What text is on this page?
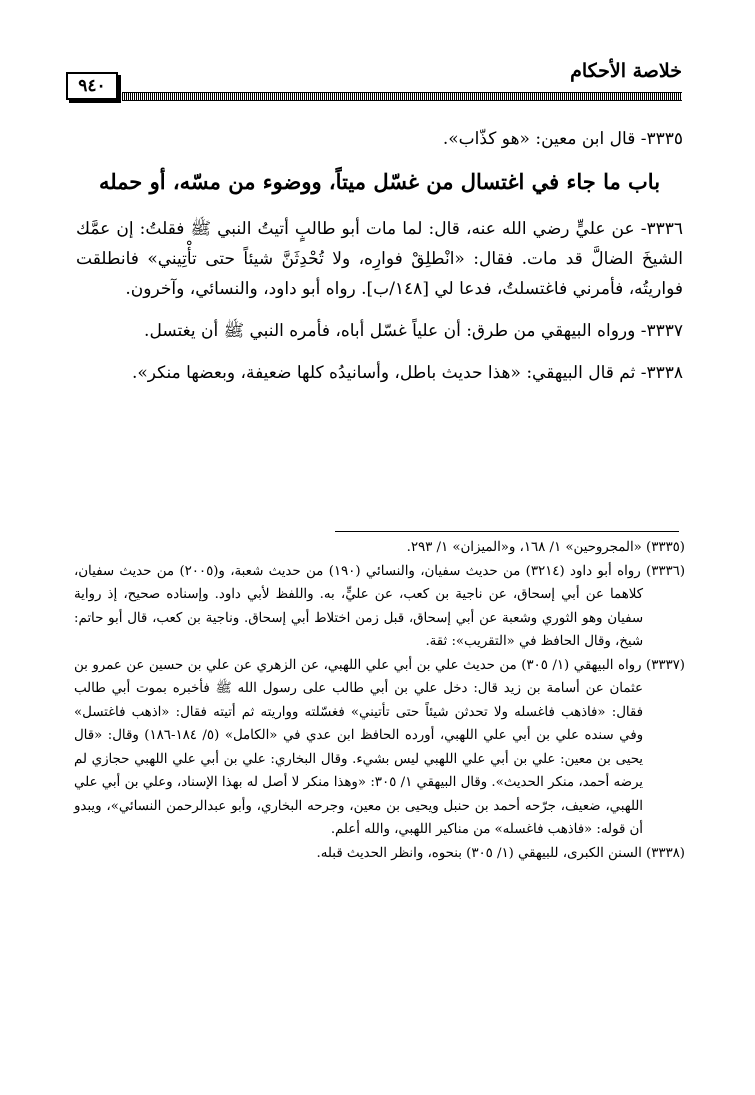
خلاصة الأحكام
٩٤٠

٣٣٣٥- قال ابن معين: «هو كذّاب».

باب ما جاء في اغتسال من غسّل ميتاً، ووضوء من مسّه، أو حمله

٣٣٣٦- عن عليٍّ رضي الله عنه، قال: لما مات أبو طالبٍ أتيتُ النبي ﷺ فقلتُ: إن عمَّك الشيخَ الضالَّ قد مات. فقال: «انْطلِقْ فوارِه، ولا تُحْدِثَنَّ شيئاً حتى تأْتِيني» فانطلقت فواريتُه، فأمرني فاغتسلتُ، فدعا لي [١٤٨/ب]. رواه أبو داود، والنسائي، وآخرون.

٣٣٣٧- ورواه البيهقي من طرق: أن علياً غسّل أباه، فأمره النبي ﷺ أن يغتسل.

٣٣٣٨- ثم قال البيهقي: «هذا حديث باطل، وأسانيدُه كلها ضعيفة، وبعضها منكر».

(٣٣٣٥) «المجروحين» ١/ ١٦٨، و«الميزان» ١/ ٢٩٣.

(٣٣٣٦) رواه أبو داود (٣٢١٤) من حديث سفيان، والنسائي (١٩٠) من حديث شعبة، و(٢٠٠٥) من حديث سفيان، كلاهما عن أبي إسحاق، عن ناجية بن كعب، عن عليٍّ، به. واللفظ لأبي داود. وإسناده صحيح، إذ رواية سفيان وهو الثوري وشعبة عن أبي إسحاق، قبل زمن اختلاط أبي إسحاق. وناجية بن كعب، قال أبو حاتم: شيخ، وقال الحافظ في «التقريب»: ثقة.

(٣٣٣٧) رواه البيهقي (١/ ٣٠٥) من حديث علي بن أبي علي اللهبي، عن الزهري عن علي بن حسين عن عمرو بن عثمان عن أسامة بن زيد قال: دخل علي بن أبي طالب على رسول الله ﷺ فأخبره بموت أبي طالب فقال: «فاذهب فاغسله ولا تحدثن شيئاً حتى تأتيني» فغسّلته وواريته ثم أتيته فقال: «اذهب فاغتسل» وفي سنده علي بن أبي علي اللهبي، أورده الحافظ ابن عدي في «الكامل» (٥/ ١٨٤-١٨٦) وقال: «قال يحيى بن معين: علي بن أبي علي اللهبي ليس بشيء. وقال البخاري: علي بن أبي علي اللهبي حجازي لم يرضه أحمد، منكر الحديث». وقال البيهقي ١/ ٣٠٥: «وهذا منكر لا أصل له بهذا الإسناد، وعلي بن أبي علي اللهبي، ضعيف، جرّحه أحمد بن حنبل ويحيى بن معين، وجرحه البخاري، وأبو عبدالرحمن النسائي»، ويبدو أن قوله: «فاذهب فاغسله» من مناكير اللهبي، والله أعلم.

(٣٣٣٨) السنن الكبرى، للبيهقي (١/ ٣٠٥) بنحوه، وانظر الحديث قبله.
